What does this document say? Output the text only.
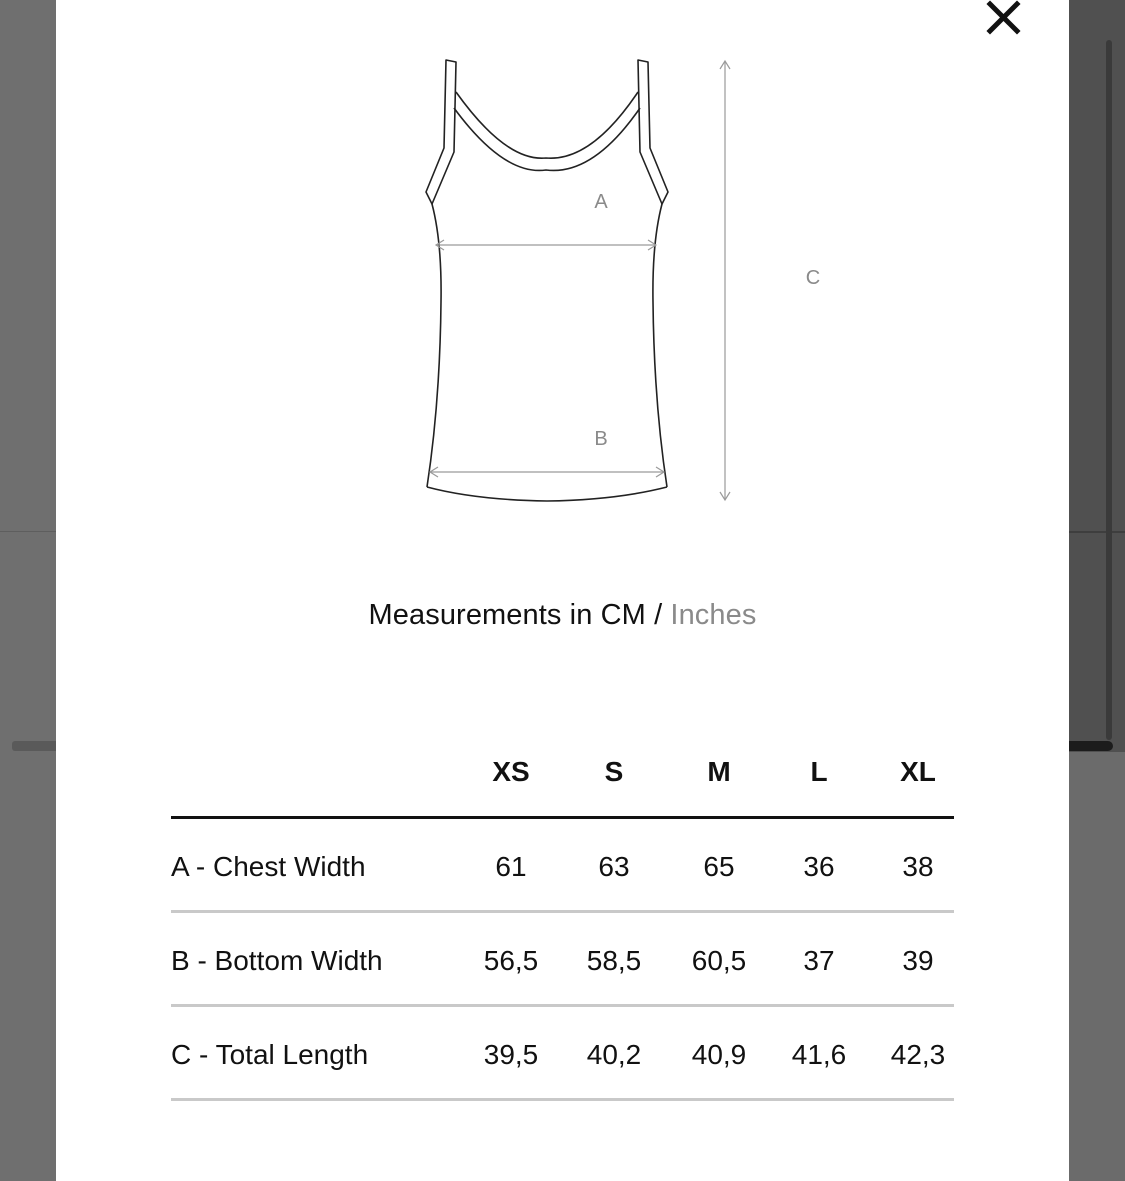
A
B
C
Measurements in CM / Inches
XS	S	M	L	XL
A - Chest Width	61	63	65 36 38
B - Bottom Width	56,5 58,5 60,5 37 39
C - Total Length	39,5 40,2 40,9 41,6 42,3
